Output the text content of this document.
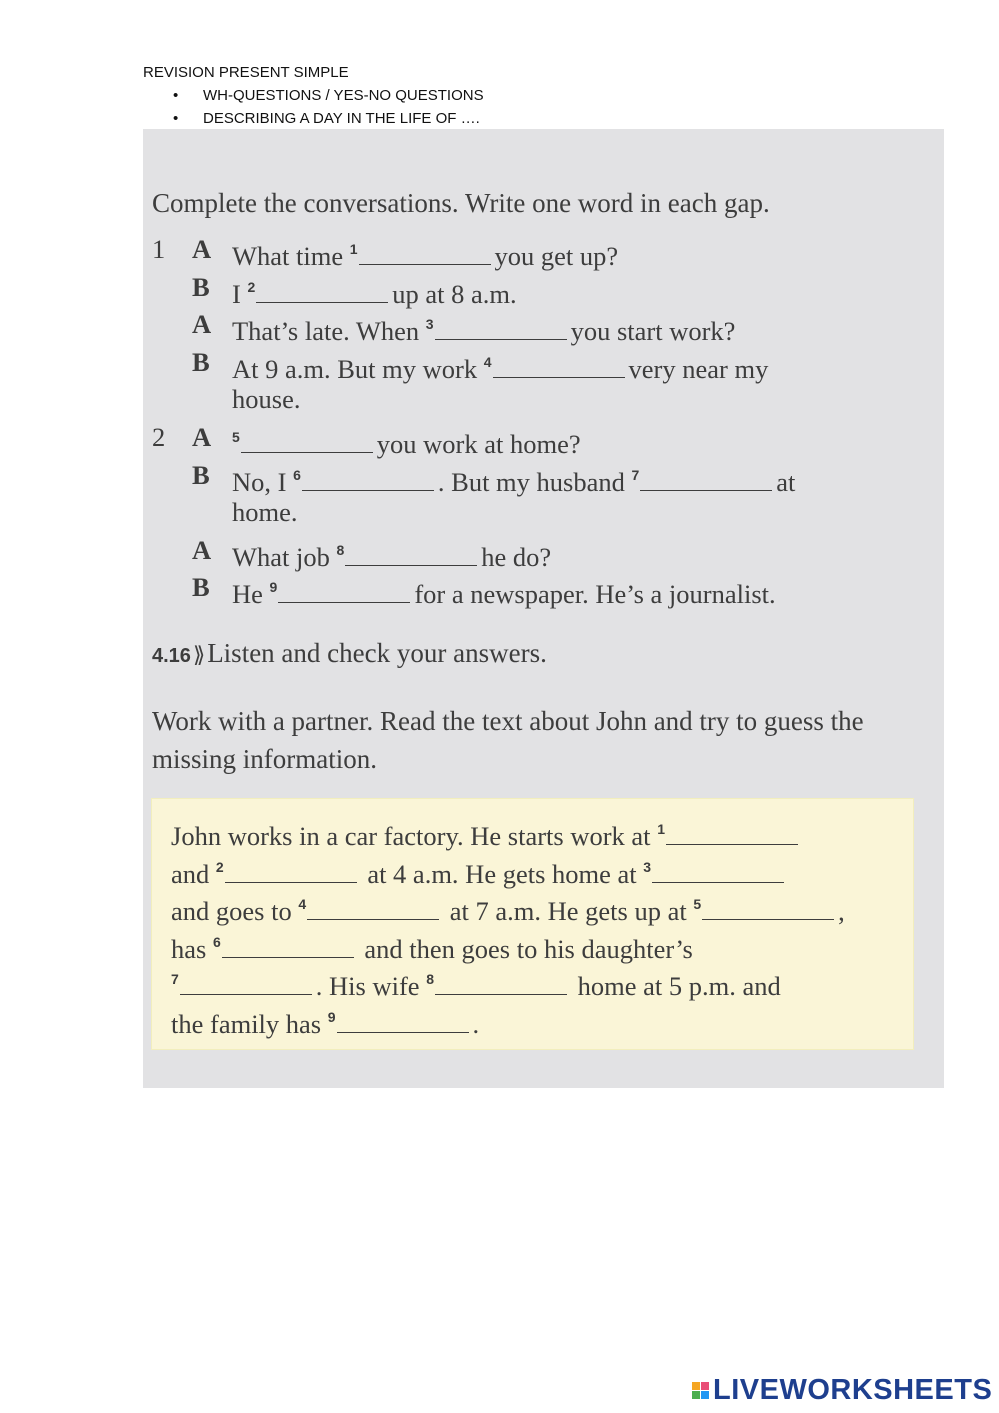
REVISION PRESENT SIMPLE

• WH-QUESTIONS / YES-NO QUESTIONS
• DESCRIBING A DAY IN THE LIFE OF ….
Complete the conversations. Write one word in each gap.
1 A What time $^1$	you get up?
B I $^2$	up at 8 a.m.
A That’s late. When $^3$	you start work?
B At 9 a.m. But my work $^4$	very near my
house.
2 A $^5$	you work at home?
B No, I $^6$	. But my husband $^7$	at
home.
A What job $^8$	he do?
B He $^9$	for a newspaper. He’s a journalist.
4.16⟫Listen and check your answers.
Work with a partner. Read the text about John and try to guess the missing information.
John works in a car factory. He starts work at $^1$
and $^2$	at 4 a.m. He gets home at $^3$
and goes to $^4$	at 7 a.m. He gets up at $^5$	,
has $^6$	and then goes to his daughter’s
$^7$	. His wife $^8$	home at 5 p.m. and
the family has $^9$	.
LIVEWORKSHEETS
